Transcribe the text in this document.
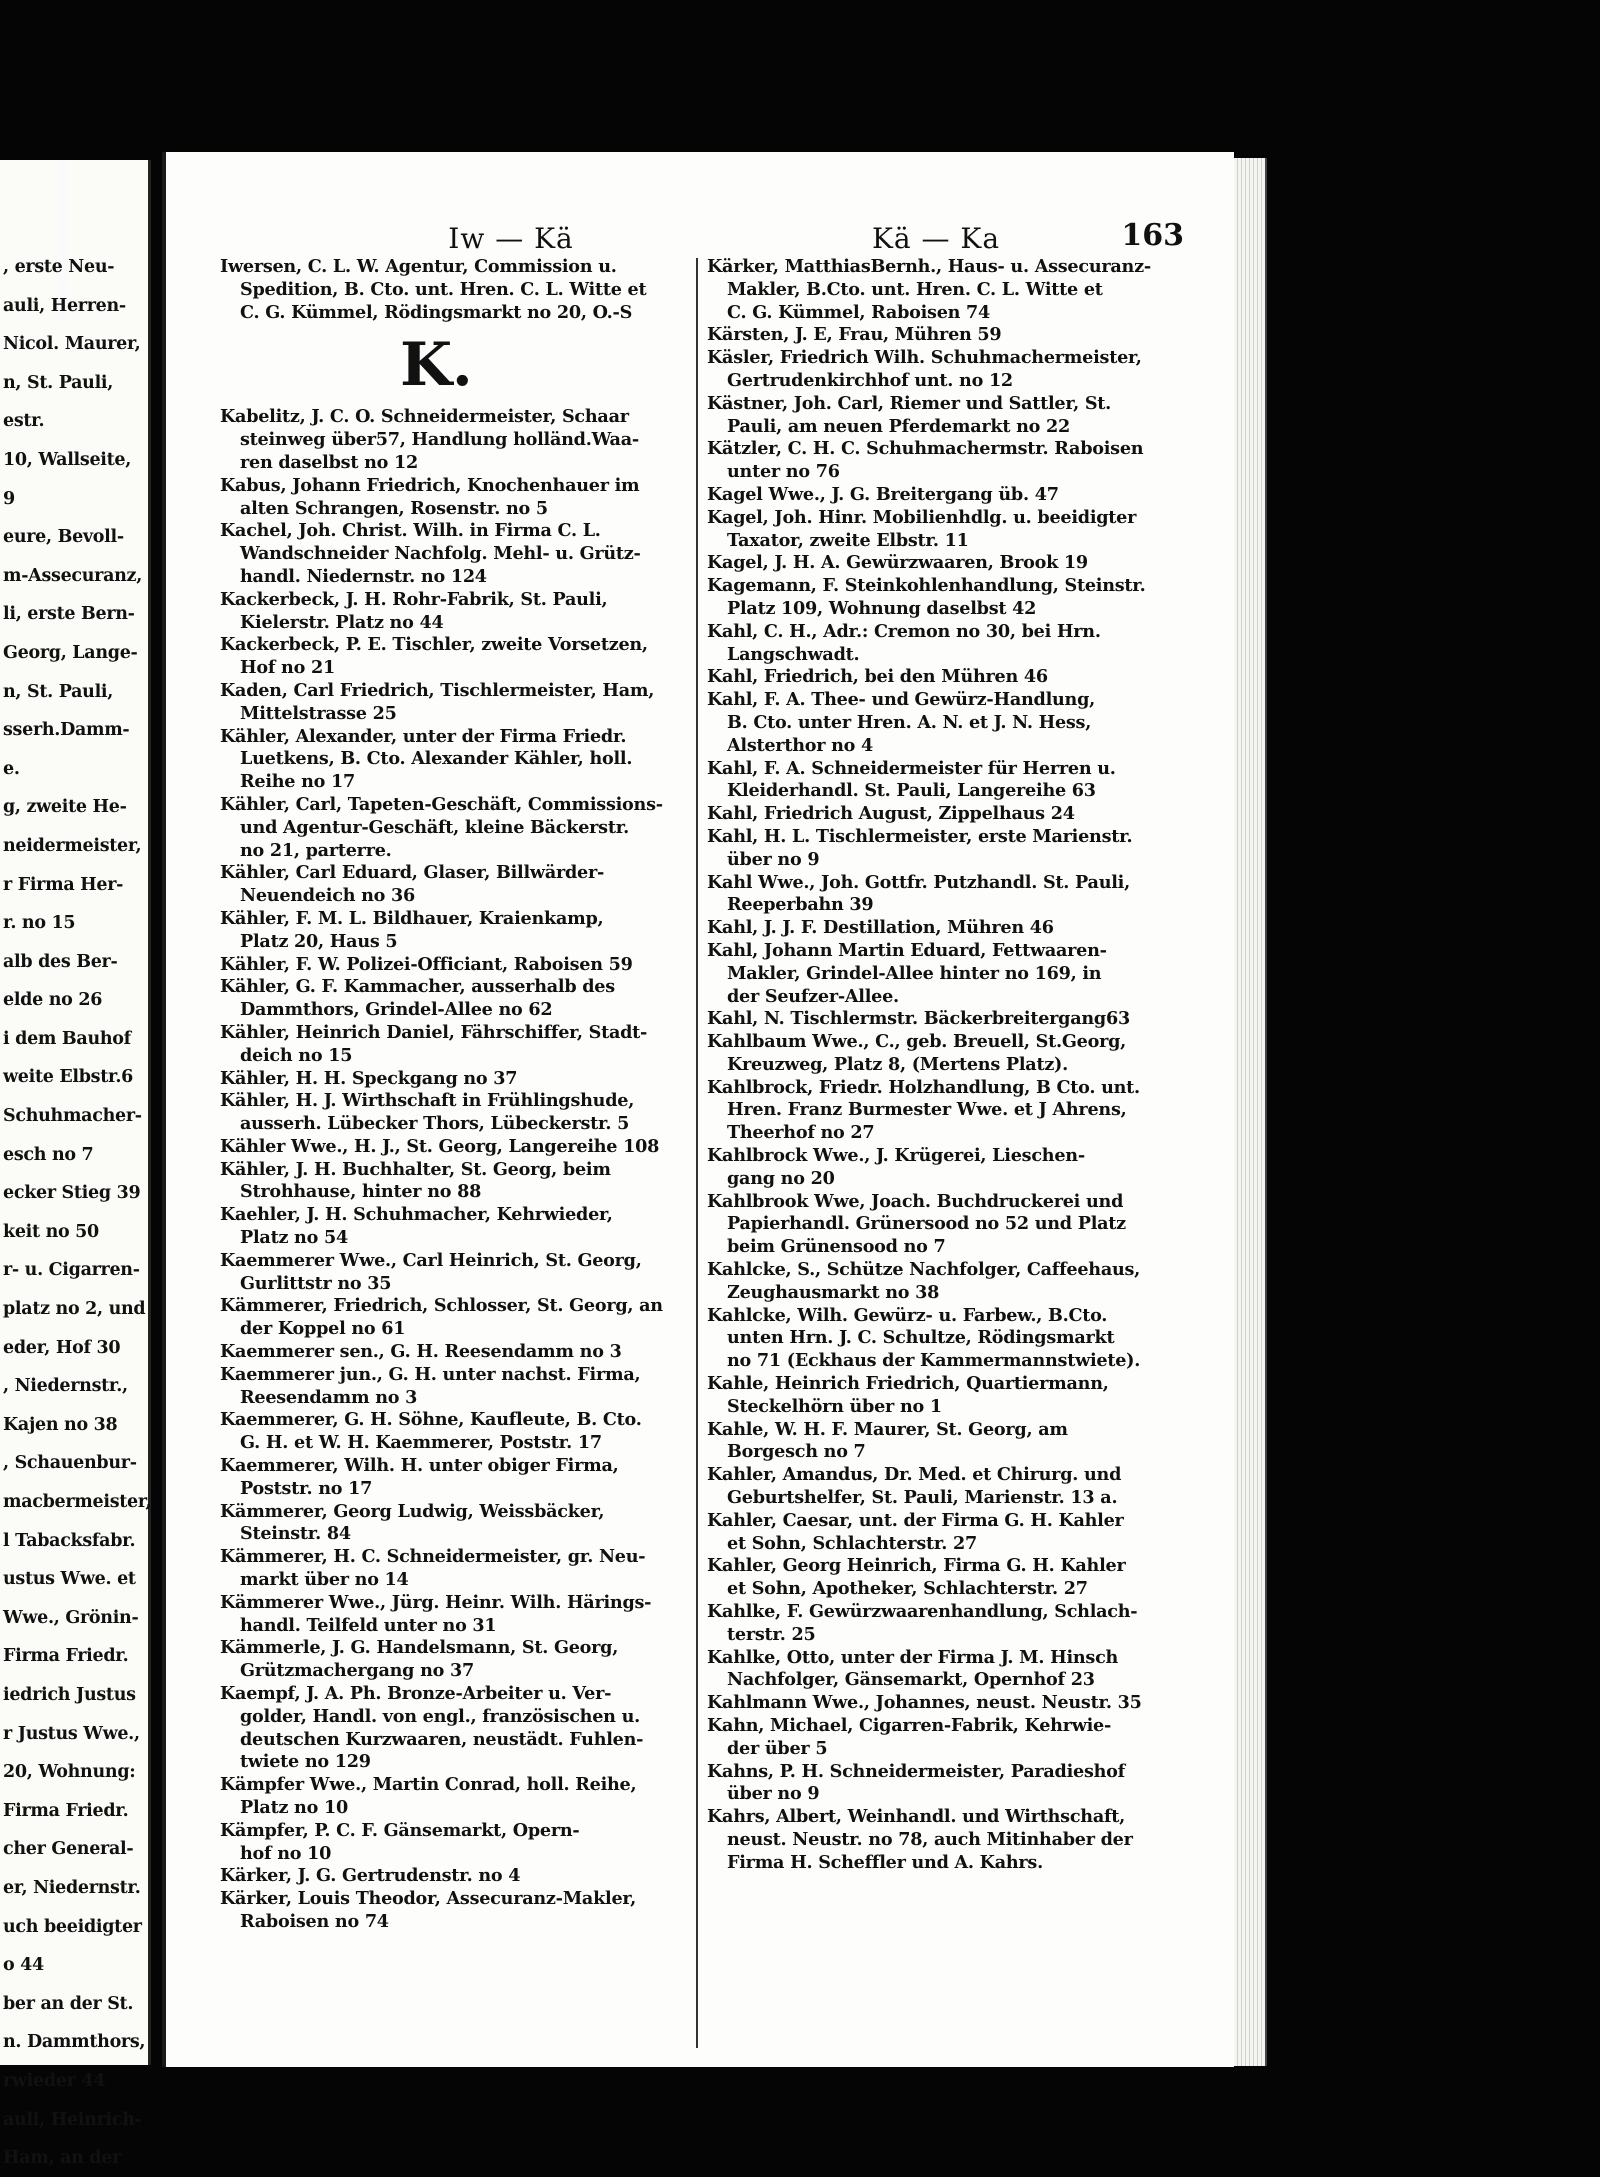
, erste Neu-
auli, Herren-
Nicol. Maurer,
n, St. Pauli,
estr.
10, Wallseite,
9
eure, Bevoll-
m-Assecuranz,
li, erste Bern-
Georg, Lange-
n, St. Pauli,
sserh.Damm-
e.
g, zweite He-
neidermeister,
r Firma Her-
r. no 15
alb des Ber-
elde no 26
i dem Bauhof
weite Elbstr.6
Schuhmacher-
esch no 7
ecker Stieg 39
keit no 50
r- u. Cigarren-
platz no 2, und
eder, Hof 30
, Niedernstr.,
Kajen no 38
, Schauenbur-
macbermeister,
l Tabacksfabr.
ustus Wwe. et
Wwe., Grönin-
Firma Friedr.
iedrich Justus
r Justus Wwe.,
20, Wohnung:
Firma Friedr.
cher General-
er, Niedernstr.
uch beeidigter
o 44
ber an der St.
n. Dammthors,
rwieder 44
auli, Heinrich-
Ham, an der
Iw — Kä	Kä — Ka	163
Iwersen, C. L. W. Agentur, Commission u.
Spedition, B. Cto. unt. Hren. C. L. Witte et
C. G. Kümmel, Rödingsmarkt no 20, O.-S
K.
Kabelitz, J. C. O. Schneidermeister, Schaar
steinweg über57, Handlung holländ.Waa-
ren daselbst no 12
Kabus, Johann Friedrich, Knochenhauer im
alten Schrangen, Rosenstr. no 5
Kachel, Joh. Christ. Wilh. in Firma C. L.
Wandschneider Nachfolg. Mehl- u. Grütz-
handl. Niedernstr. no 124
Kackerbeck, J. H. Rohr-Fabrik, St. Pauli,
Kielerstr. Platz no 44
Kackerbeck, P. E. Tischler, zweite Vorsetzen,
Hof no 21
Kaden, Carl Friedrich, Tischlermeister, Ham,
Mittelstrasse 25
Kähler, Alexander, unter der Firma Friedr.
Luetkens, B. Cto. Alexander Kähler, holl.
Reihe no 17
Kähler, Carl, Tapeten-Geschäft, Commissions-
und Agentur-Geschäft, kleine Bäckerstr.
no 21, parterre.
Kähler, Carl Eduard, Glaser, Billwärder-
Neuendeich no 36
Kähler, F. M. L. Bildhauer, Kraienkamp,
Platz 20, Haus 5
Kähler, F. W. Polizei-Officiant, Raboisen 59
Kähler, G. F. Kammacher, ausserhalb des
Dammthors, Grindel-Allee no 62
Kähler, Heinrich Daniel, Fährschiffer, Stadt-
deich no 15
Kähler, H. H. Speckgang no 37
Kähler, H. J. Wirthschaft in Frühlingshude,
ausserh. Lübecker Thors, Lübeckerstr. 5
Kähler Wwe., H. J., St. Georg, Langereihe 108
Kähler, J. H. Buchhalter, St. Georg, beim
Strohhause, hinter no 88
Kaehler, J. H. Schuhmacher, Kehrwieder,
Platz no 54
Kaemmerer Wwe., Carl Heinrich, St. Georg,
Gurlittstr no 35
Kämmerer, Friedrich, Schlosser, St. Georg, an
der Koppel no 61
Kaemmerer sen., G. H. Reesendamm no 3
Kaemmerer jun., G. H. unter nachst. Firma,
Reesendamm no 3
Kaemmerer, G. H. Söhne, Kaufleute, B. Cto.
G. H. et W. H. Kaemmerer, Poststr. 17
Kaemmerer, Wilh. H. unter obiger Firma,
Poststr. no 17
Kämmerer, Georg Ludwig, Weissbäcker,
Steinstr. 84
Kämmerer, H. C. Schneidermeister, gr. Neu-
markt über no 14
Kämmerer Wwe., Jürg. Heinr. Wilh. Härings-
handl. Teilfeld unter no 31
Kämmerle, J. G. Handelsmann, St. Georg,
Grützmachergang no 37
Kaempf, J. A. Ph. Bronze-Arbeiter u. Ver-
golder, Handl. von engl., französischen u.
deutschen Kurzwaaren, neustädt. Fuhlen-
twiete no 129
Kämpfer Wwe., Martin Conrad, holl. Reihe,
Platz no 10
Kämpfer, P. C. F. Gänsemarkt, Opern-
hof no 10
Kärker, J. G. Gertrudenstr. no 4
Kärker, Louis Theodor, Assecuranz-Makler,
Raboisen no 74
Kärker, MatthiasBernh., Haus- u. Assecuranz-
Makler, B.Cto. unt. Hren. C. L. Witte et
C. G. Kümmel, Raboisen 74
Kärsten, J. E, Frau, Mühren 59
Käsler, Friedrich Wilh. Schuhmachermeister,
Gertrudenkirchhof unt. no 12
Kästner, Joh. Carl, Riemer und Sattler, St.
Pauli, am neuen Pferdemarkt no 22
Kätzler, C. H. C. Schuhmachermstr. Raboisen
unter no 76
Kagel Wwe., J. G. Breitergang üb. 47
Kagel, Joh. Hinr. Mobilienhdlg. u. beeidigter
Taxator, zweite Elbstr. 11
Kagel, J. H. A. Gewürzwaaren, Brook 19
Kagemann, F. Steinkohlenhandlung, Steinstr.
Platz 109, Wohnung daselbst 42
Kahl, C. H., Adr.: Cremon no 30, bei Hrn.
Langschwadt.
Kahl, Friedrich, bei den Mühren 46
Kahl, F. A. Thee- und Gewürz-Handlung,
B. Cto. unter Hren. A. N. et J. N. Hess,
Alsterthor no 4
Kahl, F. A. Schneidermeister für Herren u.
Kleiderhandl. St. Pauli, Langereihe 63
Kahl, Friedrich August, Zippelhaus 24
Kahl, H. L. Tischlermeister, erste Marienstr.
über no 9
Kahl Wwe., Joh. Gottfr. Putzhandl. St. Pauli,
Reeperbahn 39
Kahl, J. J. F. Destillation, Mühren 46
Kahl, Johann Martin Eduard, Fettwaaren-
Makler, Grindel-Allee hinter no 169, in
der Seufzer-Allee.
Kahl, N. Tischlermstr. Bäckerbreitergang63
Kahlbaum Wwe., C., geb. Breuell, St.Georg,
Kreuzweg, Platz 8, (Mertens Platz).
Kahlbrock, Friedr. Holzhandlung, B Cto. unt.
Hren. Franz Burmester Wwe. et J Ahrens,
Theerhof no 27
Kahlbrock Wwe., J. Krügerei, Lieschen-
gang no 20
Kahlbrook Wwe, Joach. Buchdruckerei und
Papierhandl. Grünersood no 52 und Platz
beim Grünensood no 7
Kahlcke, S., Schütze Nachfolger, Caffeehaus,
Zeughausmarkt no 38
Kahlcke, Wilh. Gewürz- u. Farbew., B.Cto.
unten Hrn. J. C. Schultze, Rödingsmarkt
no 71 (Eckhaus der Kammermannstwiete).
Kahle, Heinrich Friedrich, Quartiermann,
Steckelhörn über no 1
Kahle, W. H. F. Maurer, St. Georg, am
Borgesch no 7
Kahler, Amandus, Dr. Med. et Chirurg. und
Geburtshelfer, St. Pauli, Marienstr. 13 a.
Kahler, Caesar, unt. der Firma G. H. Kahler
et Sohn, Schlachterstr. 27
Kahler, Georg Heinrich, Firma G. H. Kahler
et Sohn, Apotheker, Schlachterstr. 27
Kahlke, F. Gewürzwaarenhandlung, Schlach-
terstr. 25
Kahlke, Otto, unter der Firma J. M. Hinsch
Nachfolger, Gänsemarkt, Opernhof 23
Kahlmann Wwe., Johannes, neust. Neustr. 35
Kahn, Michael, Cigarren-Fabrik, Kehrwie-
der über 5
Kahns, P. H. Schneidermeister, Paradieshof
über no 9
Kahrs, Albert, Weinhandl. und Wirthschaft,
neust. Neustr. no 78, auch Mitinhaber der
Firma H. Scheffler und A. Kahrs.
